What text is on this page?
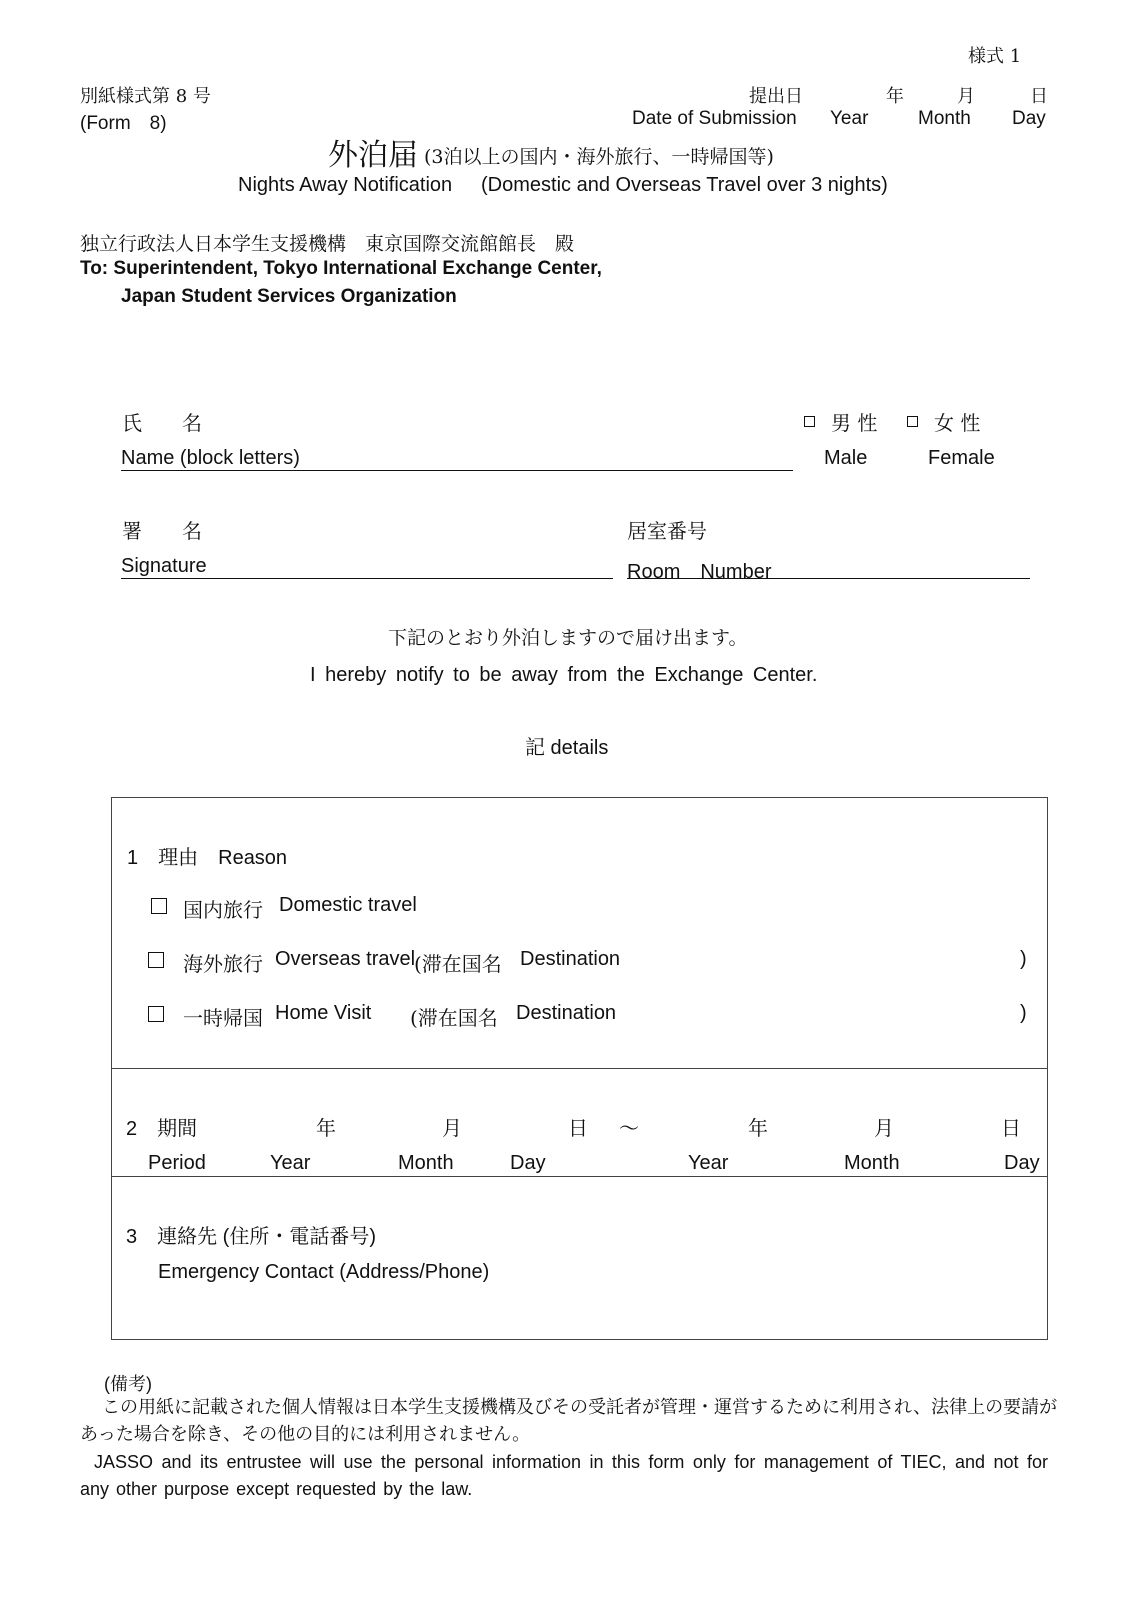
様式 1
別紙様式第 8 号
(Form　8)
提出日	年	月	日
Date of Submission Year	Month Day
外泊届 (3泊以上の国内・海外旅行、一時帰国等)
Nights Away Notification (Domestic and Overseas Travel over 3 nights)
独立行政法人日本学生支援機構　東京国際交流館館長　殿
To: Superintendent, Tokyo International Exchange Center,
Japan Student Services Organization
氏　　名
Name (block letters)
男 性	女 性
Male	Female
署　　名
Signature
居室番号
Room　Number
下記のとおり外泊しますので届け出ます。
I hereby notify to be away from the Exchange Center.
記 details
1　理由　Reason
国内旅行 Domestic travel
海外旅行 Overseas travel
(滞在国名 Destination	)
一時帰国 Home Visit (滞在国名 Destination	)
2　期間	年	月	日 ～	年	月	日
Period	Year	Month	Day	Year	Month	Day
3　連絡先 (住所・電話番号)
Emergency Contact (Address/Phone)
(備考)
この用紙に記載された個人情報は日本学生支援機構及びその受託者が管理・運営するために利用され、法律上の要請があった場合を除き、その他の目的には利用されません。
JASSO and its entrustee will use the personal information in this form only for management of TIEC, and not for any other purpose except requested by the law.
